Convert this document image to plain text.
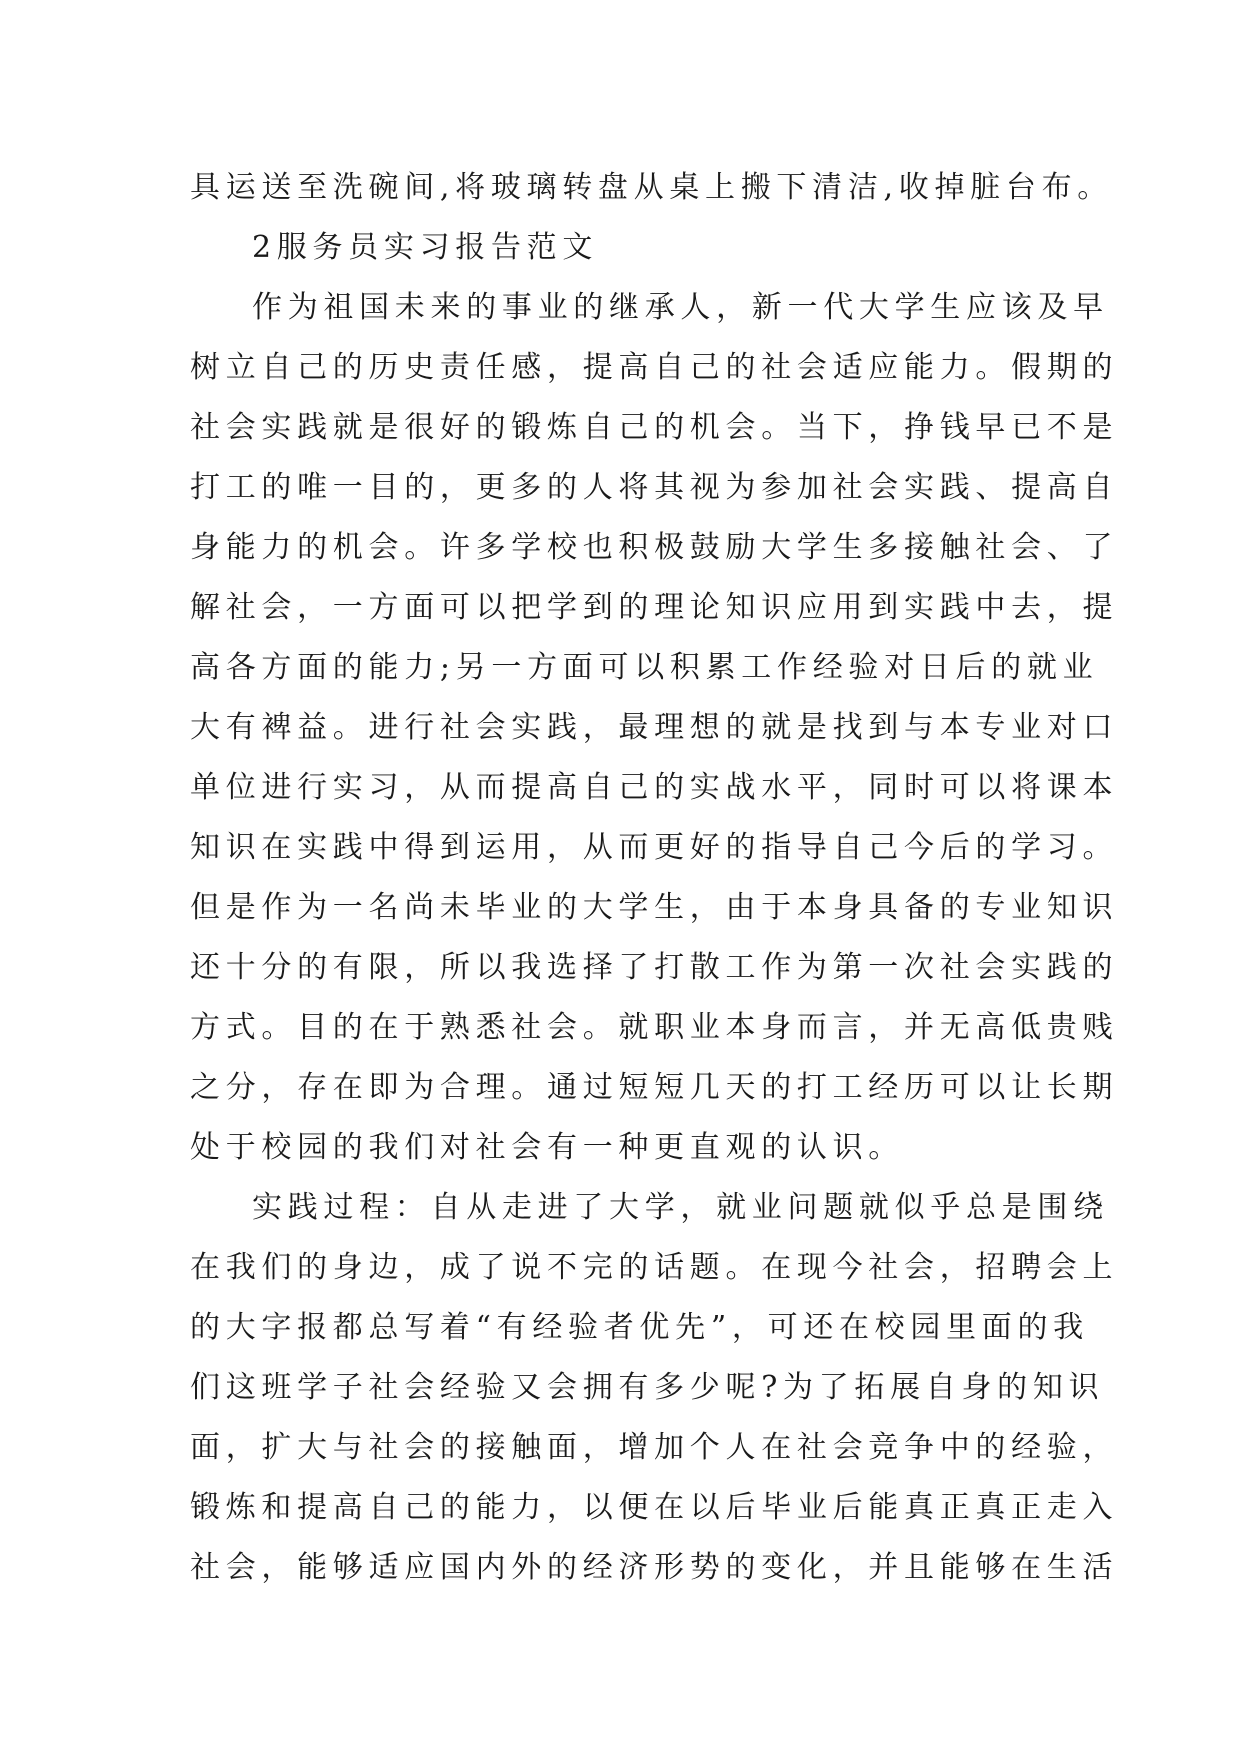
具运送至洗碗间,将玻璃转盘从桌上搬下清洁,收掉脏台布。
2服务员实习报告范文
作为祖国未来的事业的继承人，新一代大学生应该及早
树立自己的历史责任感，提高自己的社会适应能力。假期的
社会实践就是很好的锻炼自己的机会。当下，挣钱早已不是
打工的唯一目的，更多的人将其视为参加社会实践、提高自
身能力的机会。许多学校也积极鼓励大学生多接触社会、了
解社会，一方面可以把学到的理论知识应用到实践中去，提
高各方面的能力;另一方面可以积累工作经验对日后的就业
大有裨益。进行社会实践，最理想的就是找到与本专业对口
单位进行实习，从而提高自己的实战水平，同时可以将课本
知识在实践中得到运用，从而更好的指导自己今后的学习。
但是作为一名尚未毕业的大学生，由于本身具备的专业知识
还十分的有限，所以我选择了打散工作为第一次社会实践的
方式。目的在于熟悉社会。就职业本身而言，并无高低贵贱
之分，存在即为合理。通过短短几天的打工经历可以让长期
处于校园的我们对社会有一种更直观的认识。
实践过程：自从走进了大学，就业问题就似乎总是围绕
在我们的身边，成了说不完的话题。在现今社会，招聘会上
的大字报都总写着“有经验者优先”，可还在校园里面的我
们这班学子社会经验又会拥有多少呢?为了拓展自身的知识
面，扩大与社会的接触面，增加个人在社会竞争中的经验，
锻炼和提高自己的能力，以便在以后毕业后能真正真正走入
社会，能够适应国内外的经济形势的变化，并且能够在生活
